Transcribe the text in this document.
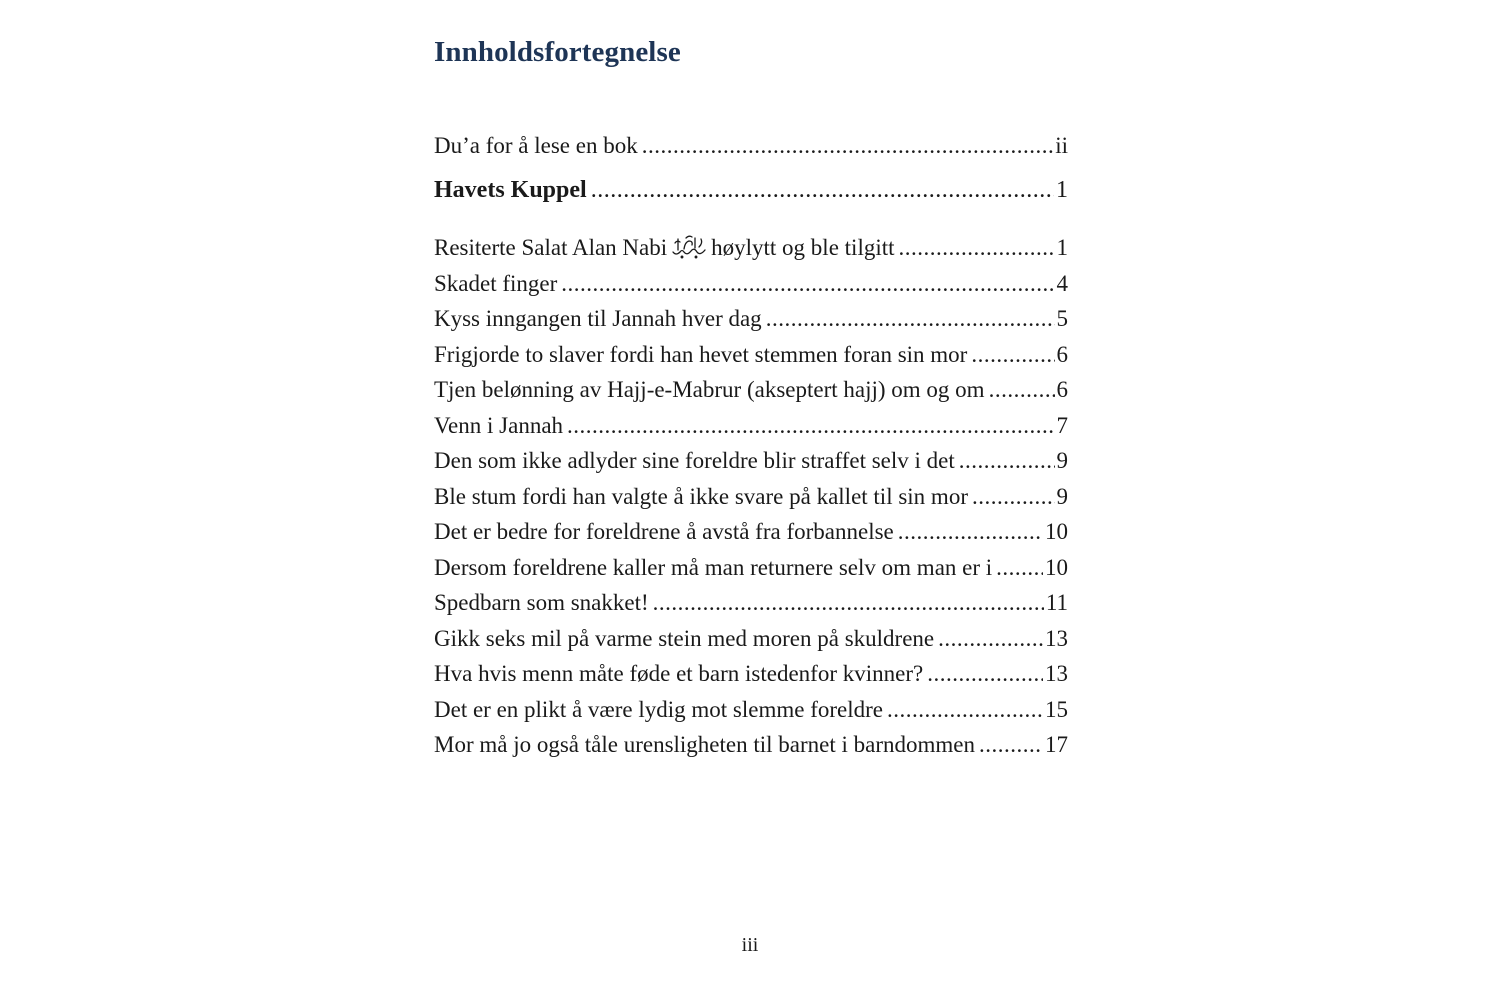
Innholdsfortegnelse
Du’a for å lese en bok .....	ii
Havets Kuppel .....	1
Resiterte Salat Alan Nabi høylytt og ble tilgitt .....	1
Skadet finger .....	4
Kyss inngangen til Jannah hver dag .....	5
Frigjorde to slaver fordi han hevet stemmen foran sin mor .....	6
Tjen belønning av Hajj-e-Mabrur (akseptert hajj) om og om .....	6
Venn i Jannah .....	7
Den som ikke adlyder sine foreldre blir straffet selv i det .....	9
Ble stum fordi han valgte å ikke svare på kallet til sin mor .....	9
Det er bedre for foreldrene å avstå fra forbannelse .....	10
Dersom foreldrene kaller må man returnere selv om man er i ..... 10
Spedbarn som snakket! .....	11
Gikk seks mil på varme stein med moren på skuldrene .....	13
Hva hvis menn måte føde et barn istedenfor kvinner? .....	13
Det er en plikt å være lydig mot slemme foreldre .....	15
Mor må jo også tåle urensligheten til barnet i barndommen .....	17

iii
